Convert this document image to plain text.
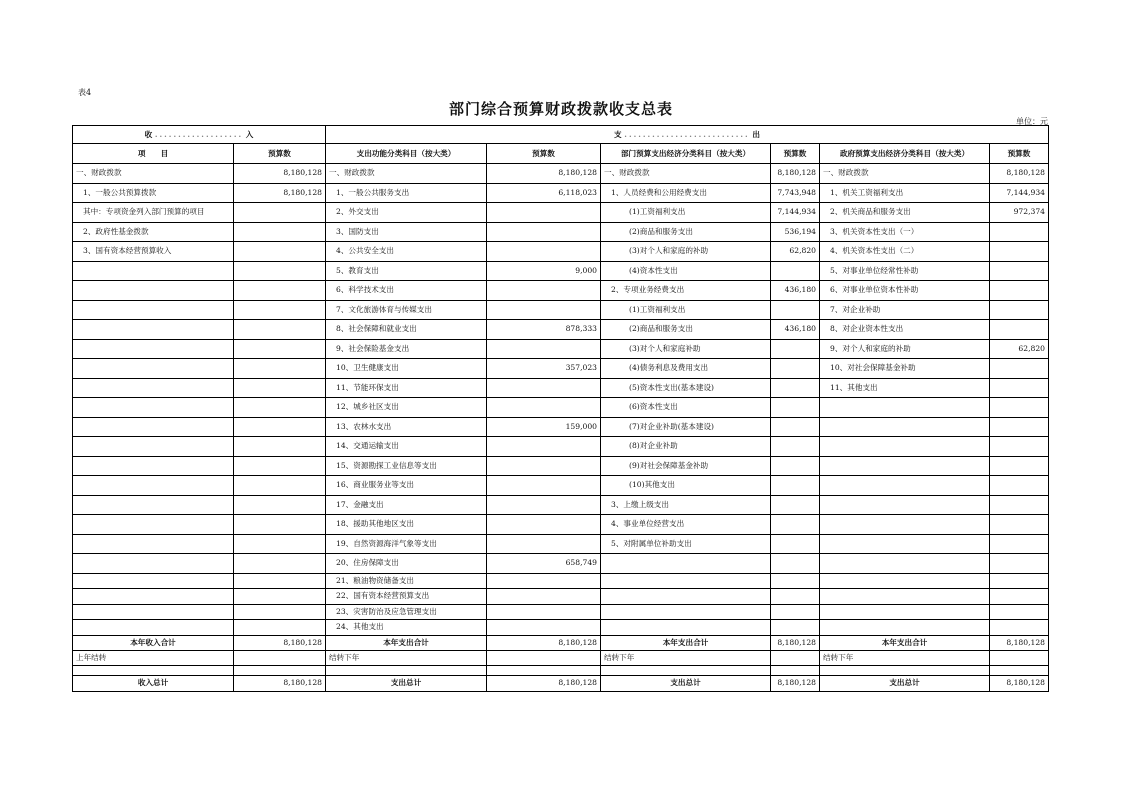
表4
部门综合预算财政拨款收支总表
单位：元
收 ................... 入		支 ........................... 出					
项　　目	预算数	支出功能分类科目（按大类）	预算数	部门预算支出经济分类科目（按大类）	预算数	政府预算支出经济分类科目（按大类）	预算数
一、财政拨款	8,180,128	一、财政拨款	8,180,128	一、财政拨款	8,180,128	一、财政拨款	8,180,128
1、一般公共预算拨款	8,180,128	1、一般公共服务支出	6,118,023	1、人员经费和公用经费支出	7,743,948	1、机关工资福利支出	7,144,934
其中：专项资金列入部门预算的项目		2、外交支出		(1)工资福利支出	7,144,934	2、机关商品和服务支出	972,374
2、政府性基金拨款		3、国防支出		(2)商品和服务支出	536,194	3、机关资本性支出（一）	
3、国有资本经营预算收入		4、公共安全支出		(3)对个人和家庭的补助	62,820	4、机关资本性支出（二）	
		5、教育支出	9,000	(4)资本性支出		5、对事业单位经常性补助	
		6、科学技术支出		2、专项业务经费支出	436,180	6、对事业单位资本性补助	
		7、文化旅游体育与传媒支出		(1)工资福利支出		7、对企业补助	
		8、社会保障和就业支出	878,333	(2)商品和服务支出	436,180	8、对企业资本性支出	
		9、社会保险基金支出		(3)对个人和家庭补助		9、对个人和家庭的补助	62,820
		10、卫生健康支出	357,023	(4)债务利息及费用支出		10、对社会保障基金补助	
		11、节能环保支出		(5)资本性支出(基本建设)		11、其他支出	
		12、城乡社区支出		(6)资本性支出			
		13、农林水支出	159,000	(7)对企业补助(基本建设)			
		14、交通运输支出		(8)对企业补助			
		15、资源勘探工业信息等支出		(9)对社会保障基金补助			
		16、商业服务业等支出		(10)其他支出			
		17、金融支出		3、上缴上级支出			
		18、援助其他地区支出		4、事业单位经营支出			
		19、自然资源海洋气象等支出		5、对附属单位补助支出			
		20、住房保障支出	658,749				
		21、粮油物资储备支出					
		22、国有资本经营预算支出					
		23、灾害防治及应急管理支出					
		24、其他支出					
本年收入合计	8,180,128	本年支出合计	8,180,128	本年支出合计	8,180,128	本年支出合计	8,180,128
上年结转		结转下年		结转下年		结转下年	

收入总计	8,180,128	支出总计	8,180,128	支出总计	8,180,128	支出总计	8,180,128
